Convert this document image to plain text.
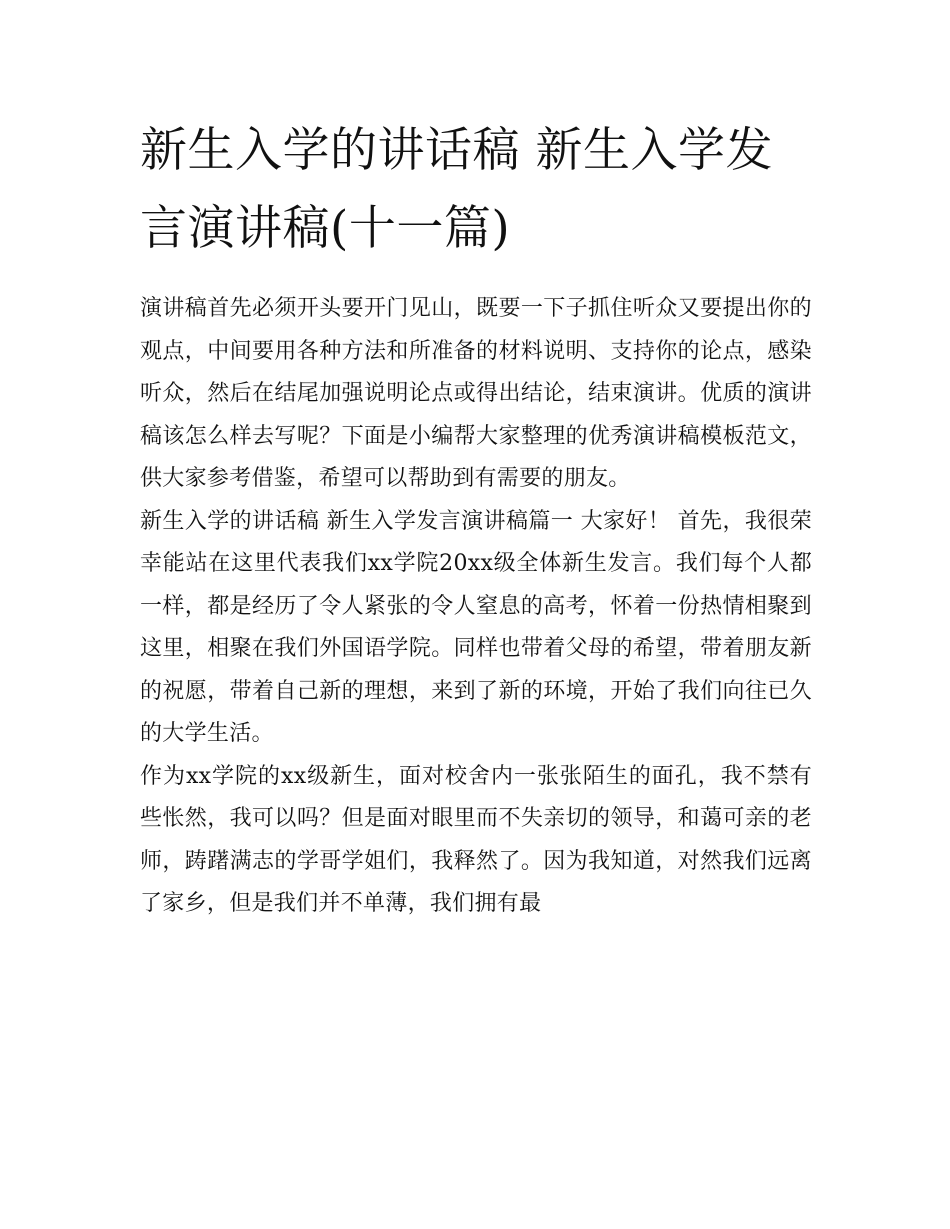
新生入学的讲话稿 新生入学发言演讲稿(十一篇)

演讲稿首先必须开头要开门见山，既要一下子抓住听众又要提出你的观点，中间要用各种方法和所准备的材料说明、支持你的论点，感染听众，然后在结尾加强说明论点或得出结论，结束演讲。优质的演讲稿该怎么样去写呢？下面是小编帮大家整理的优秀演讲稿模板范文，供大家参考借鉴，希望可以帮助到有需要的朋友。

新生入学的讲话稿 新生入学发言演讲稿篇一 大家好！ 首先，我很荣幸能站在这里代表我们xx学院20xx级全体新生发言。我们每个人都一样，都是经历了令人紧张的令人窒息的高考，怀着一份热情相聚到这里，相聚在我们外国语学院。同样也带着父母的希望，带着朋友新的祝愿，带着自己新的理想，来到了新的环境，开始了我们向往已久的大学生活。

作为xx学院的xx级新生，面对校舍内一张张陌生的面孔，我不禁有些怅然，我可以吗？但是面对眼里而不失亲切的领导，和蔼可亲的老师，踌躇满志的学哥学姐们，我释然了。因为我知道，对然我们远离了家乡，但是我们并不单薄，我们拥有最
